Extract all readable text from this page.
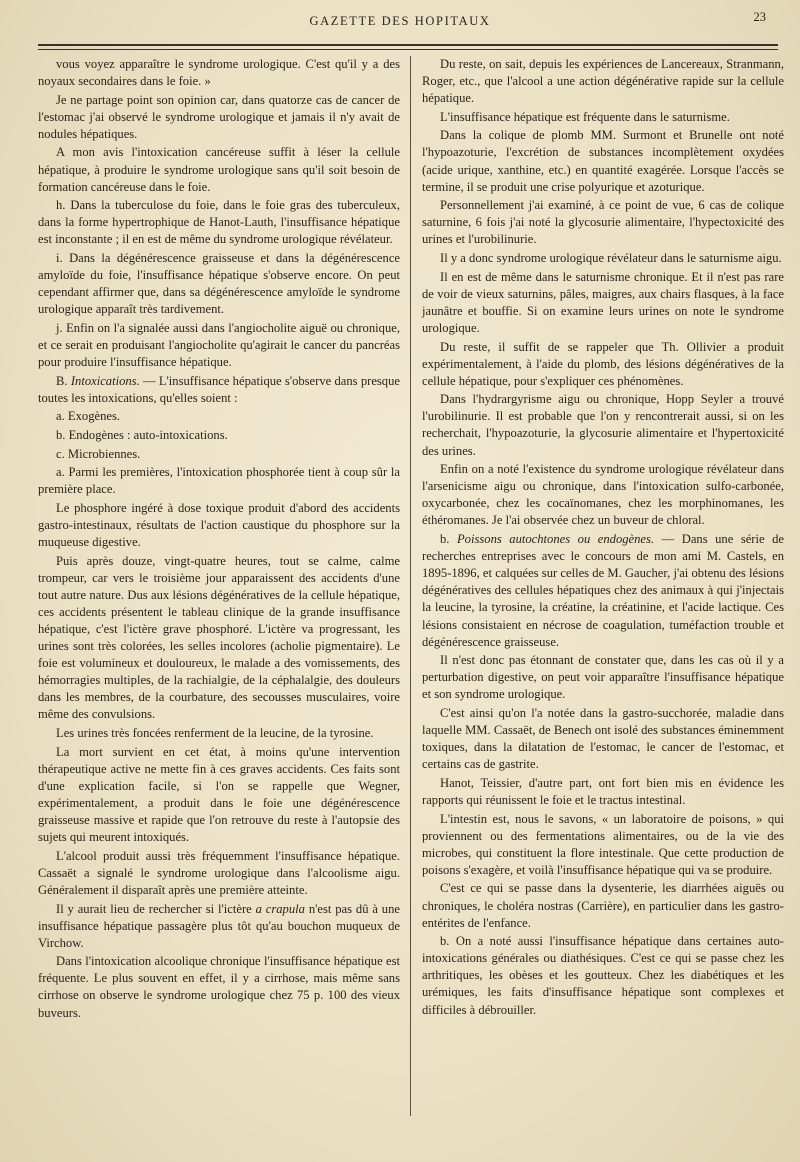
GAZETTE DES HOPITAUX	23

vous voyez apparaître le syndrome urologique. C'est qu'il y a des noyaux secondaires dans le foie. »

Je ne partage point son opinion car, dans quatorze cas de cancer de l'estomac j'ai observé le syndrome urologique et jamais il n'y avait de nodules hépatiques.

A mon avis l'intoxication cancéreuse suffit à léser la cellule hépatique, à produire le syndrome urologique sans qu'il soit besoin de formation cancéreuse dans le foie.

h. Dans la tuberculose du foie, dans le foie gras des tuberculeux, dans la forme hypertrophique de Hanot-Lauth, l'insuffisance hépatique est inconstante ; il en est de même du syndrome urologique révélateur.

i. Dans la dégénérescence graisseuse et dans la dégénérescence amyloïde du foie, l'insuffisance hépatique s'observe encore. On peut cependant affirmer que, dans sa dégénérescence amyloïde le syndrome urologique apparaît très tardivement.

j. Enfin on l'a signalée aussi dans l'angiocholite aiguë ou chronique, et ce serait en produisant l'angiocholite qu'agirait le cancer du pancréas pour produire l'insuffisance hépatique.

B. Intoxications. — L'insuffisance hépatique s'observe dans presque toutes les intoxications, qu'elles soient :

a. Exogènes.

b. Endogènes : auto-intoxications.

c. Microbiennes.

a. Parmi les premières, l'intoxication phosphorée tient à coup sûr la première place.

Le phosphore ingéré à dose toxique produit d'abord des accidents gastro-intestinaux, résultats de l'action caustique du phosphore sur la muqueuse digestive.

Puis après douze, vingt-quatre heures, tout se calme, calme trompeur, car vers le troisième jour apparaissent des accidents d'une tout autre nature. Dus aux lésions dégénératives de la cellule hépatique, ces accidents présentent le tableau clinique de la grande insuffisance hépatique, c'est l'ictère grave phosphoré. L'ictère va progressant, les urines sont très colorées, les selles incolores (acholie pigmentaire). Le foie est volumineux et douloureux, le malade a des vomissements, des hémorragies multiples, de la rachialgie, de la céphalalgie, des douleurs dans les membres, de la courbature, des secousses musculaires, voire même des convulsions.

Les urines très foncées renferment de la leucine, de la tyrosine.

La mort survient en cet état, à moins qu'une intervention thérapeutique active ne mette fin à ces graves accidents. Ces faits sont d'une explication facile, si l'on se rappelle que Wegner, expérimentalement, a produit dans le foie une dégénérescence graisseuse massive et rapide que l'on retrouve du reste à l'autopsie des sujets qui meurent intoxiqués.

L'alcool produit aussi très fréquemment l'insuffisance hépatique. Cassaët a signalé le syndrome urologique dans l'alcoolisme aigu. Généralement il disparaît après une première atteinte.

Il y aurait lieu de rechercher si l'ictère a crapula n'est pas dû à une insuffisance hépatique passagère plus tôt qu'au bouchon muqueux de Virchow.

Dans l'intoxication alcoolique chronique l'insuffisance hépatique est fréquente. Le plus souvent en effet, il y a cirrhose, mais même sans cirrhose on observe le syndrome urologique chez 75 p. 100 des vieux buveurs.

Du reste, on sait, depuis les expériences de Lancereaux, Stranmann, Roger, etc., que l'alcool a une action dégénérative rapide sur la cellule hépatique.

L'insuffisance hépatique est fréquente dans le saturnisme.

Dans la colique de plomb MM. Surmont et Brunelle ont noté l'hypoazoturie, l'excrétion de substances incomplètement oxydées (acide urique, xanthine, etc.) en quantité exagérée. Lorsque l'accès se termine, il se produit une crise polyurique et azoturique.

Personnellement j'ai examiné, à ce point de vue, 6 cas de colique saturnine, 6 fois j'ai noté la glycosurie alimentaire, l'hypectoxicité des urines et l'urobilinurie.

Il y a donc syndrome urologique révélateur dans le saturnisme aigu.

Il en est de même dans le saturnisme chronique. Et il n'est pas rare de voir de vieux saturnins, pâles, maigres, aux chairs flasques, à la face jaunâtre et bouffie. Si on examine leurs urines on note le syndrome urologique.

Du reste, il suffit de se rappeler que Th. Ollivier a produit expérimentalement, à l'aide du plomb, des lésions dégénératives de la cellule hépatique, pour s'expliquer ces phénomènes.

Dans l'hydrargyrisme aigu ou chronique, Hopp Seyler a trouvé l'urobilinurie. Il est probable que l'on y rencontrerait aussi, si on les recherchait, l'hypoazoturie, la glycosurie alimentaire et l'hypertoxicité des urines.

Enfin on a noté l'existence du syndrome urologique révélateur dans l'arsenicisme aigu ou chronique, dans l'intoxication sulfo-carbonée, oxycarbonée, chez les cocaïnomanes, chez les morphinomanes, les éthéromanes. Je l'ai observée chez un buveur de chloral.

b. Poissons autochtones ou endogènes. — Dans une série de recherches entreprises avec le concours de mon ami M. Castels, en 1895-1896, et calquées sur celles de M. Gaucher, j'ai obtenu des lésions dégénératives des cellules hépatiques chez des animaux à qui j'injectais la leucine, la tyrosine, la créatine, la créatinine, et l'acide lactique. Ces lésions consistaient en nécrose de coagulation, tuméfaction trouble et dégénérescence graisseuse.

Il n'est donc pas étonnant de constater que, dans les cas où il y a perturbation digestive, on peut voir apparaître l'insuffisance hépatique et son syndrome urologique.

C'est ainsi qu'on l'a notée dans la gastro-succhorée, maladie dans laquelle MM. Cassaët, de Benech ont isolé des substances éminemment toxiques, dans la dilatation de l'estomac, le cancer de l'estomac, et certains cas de gastrite.

Hanot, Teissier, d'autre part, ont fort bien mis en évidence les rapports qui réunissent le foie et le tractus intestinal.

L'intestin est, nous le savons, « un laboratoire de poisons, » qui proviennent ou des fermentations alimentaires, ou de la vie des microbes, qui constituent la flore intestinale. Que cette production de poisons s'exagère, et voilà l'insuffisance hépatique qui va se produire.

C'est ce qui se passe dans la dysenterie, les diarrhées aiguës ou chroniques, le choléra nostras (Carrière), en particulier dans les gastro-entérites de l'enfance.

b. On a noté aussi l'insuffisance hépatique dans certaines auto-intoxications générales ou diathésiques. C'est ce qui se passe chez les arthritiques, les obèses et les goutteux. Chez les diabétiques et les urémiques, les faits d'insuffisance hépatique sont complexes et difficiles à débrouiller.
